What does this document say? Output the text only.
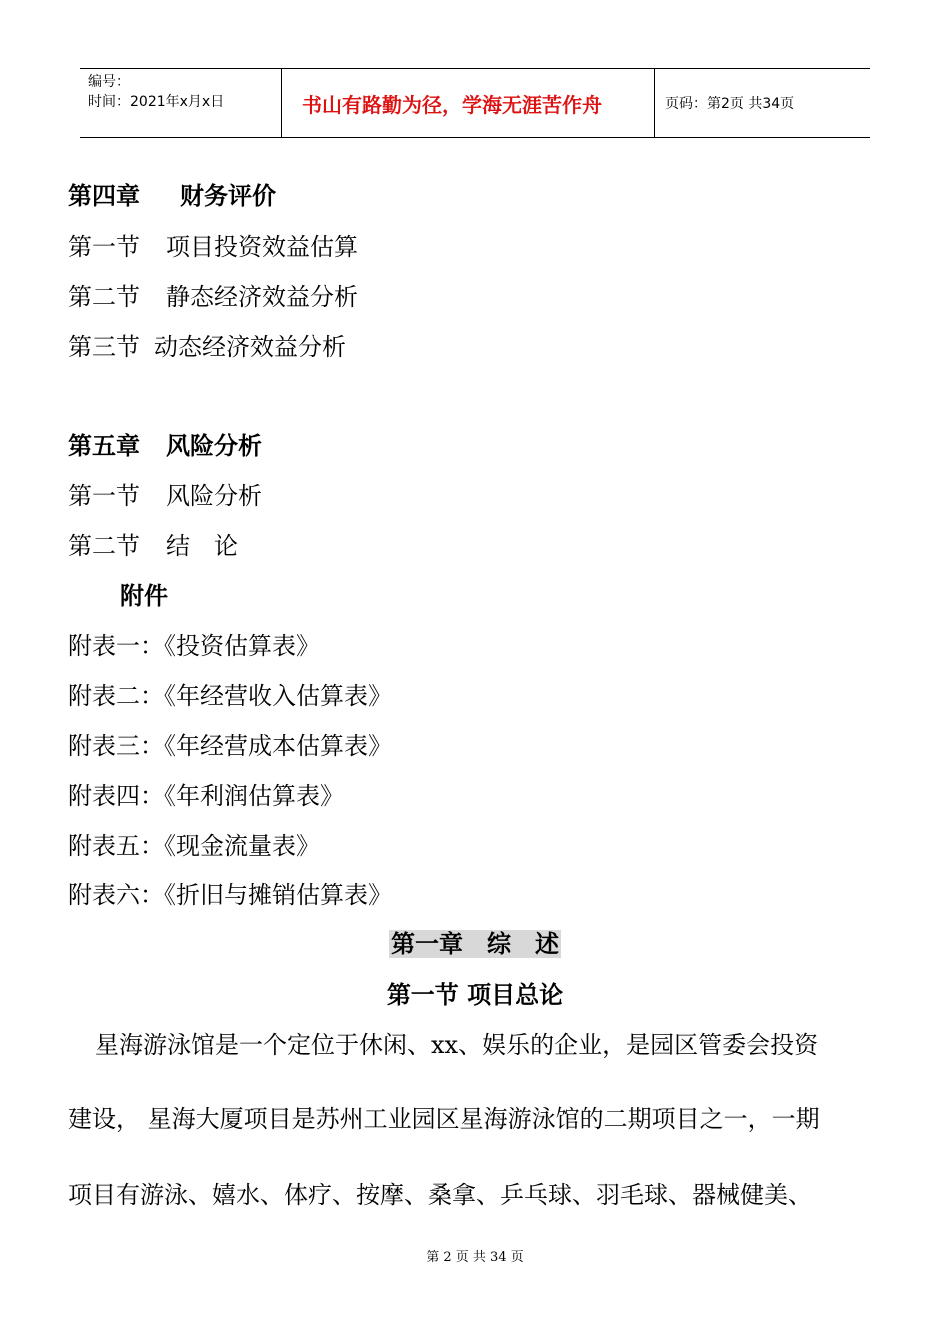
编号：
时间：2021年x月x日	书山有路勤为径，学海无涯苦作舟	页码：第2页 共34页
第四章 财务评价
第一节 项目投资效益估算
第二节 静态经济效益分析
第三节 动态经济效益分析
第五章 风险分析
第一节 风险分析
第二节 结　论
附件
附表一：《投资估算表》
附表二：《年经营收入估算表》
附表三：《年经营成本估算表》
附表四：《年利润估算表》
附表五：《现金流量表》
附表六：《折旧与摊销估算表》
第一章　综　述
第一节 项目总论
星海游泳馆是一个定位于休闲、xx、娱乐的企业，是园区管委会投资
建设， 星海大厦项目是苏州工业园区星海游泳馆的二期项目之一，一期
项目有游泳、嬉水、体疗、按摩、桑拿、乒乓球、羽毛球、器械健美、
第 2 页 共 34 页
